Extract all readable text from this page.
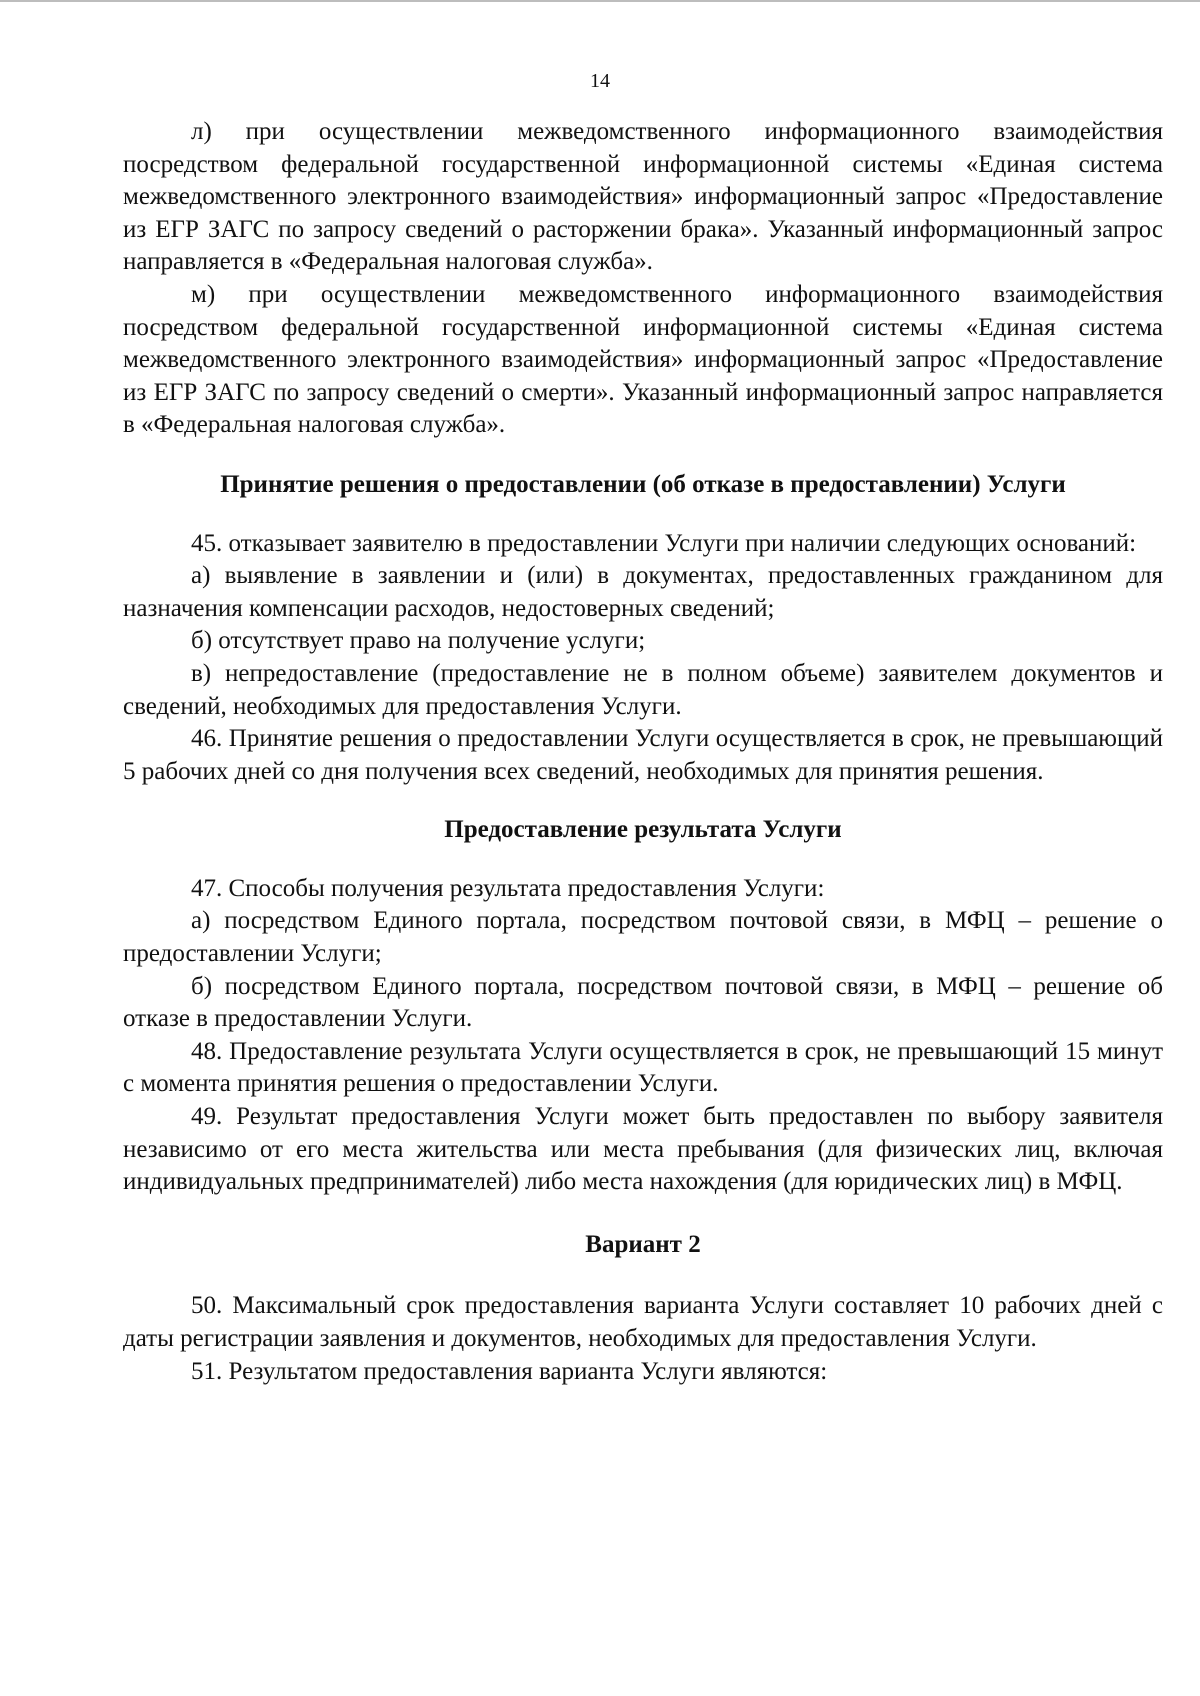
14

л) при осуществлении межведомственного информационного взаимодействия посредством федеральной государственной информационной системы «Единая система межведомственного электронного взаимодействия» информационный запрос «Предоставление из ЕГР ЗАГС по запросу сведений о расторжении брака». Указанный информационный запрос направляется в «Федеральная налоговая служба».

м) при осуществлении межведомственного информационного взаимодействия посредством федеральной государственной информационной системы «Единая система межведомственного электронного взаимодействия» информационный запрос «Предоставление из ЕГР ЗАГС по запросу сведений о смерти». Указанный информационный запрос направляется в «Федеральная налоговая служба».

Принятие решения о предоставлении (об отказе в предоставлении) Услуги

45. отказывает заявителю в предоставлении Услуги при наличии следующих оснований:

а) выявление в заявлении и (или) в документах, предоставленных гражданином для назначения компенсации расходов, недостоверных сведений;

б) отсутствует право на получение услуги;

в) непредоставление (предоставление не в полном объеме) заявителем документов и сведений, необходимых для предоставления Услуги.

46. Принятие решения о предоставлении Услуги осуществляется в срок, не превышающий 5 рабочих дней со дня получения всех сведений, необходимых для принятия решения.

Предоставление результата Услуги

47. Способы получения результата предоставления Услуги:

а) посредством Единого портала, посредством почтовой связи, в МФЦ – решение о предоставлении Услуги;

б) посредством Единого портала, посредством почтовой связи, в МФЦ – решение об отказе в предоставлении Услуги.

48. Предоставление результата Услуги осуществляется в срок, не превышающий 15 минут с момента принятия решения о предоставлении Услуги.

49. Результат предоставления Услуги может быть предоставлен по выбору заявителя независимо от его места жительства или места пребывания (для физических лиц, включая индивидуальных предпринимателей) либо места нахождения (для юридических лиц) в МФЦ.

Вариант 2

50. Максимальный срок предоставления варианта Услуги составляет 10 рабочих дней с даты регистрации заявления и документов, необходимых для предоставления Услуги.

51. Результатом предоставления варианта Услуги являются:
